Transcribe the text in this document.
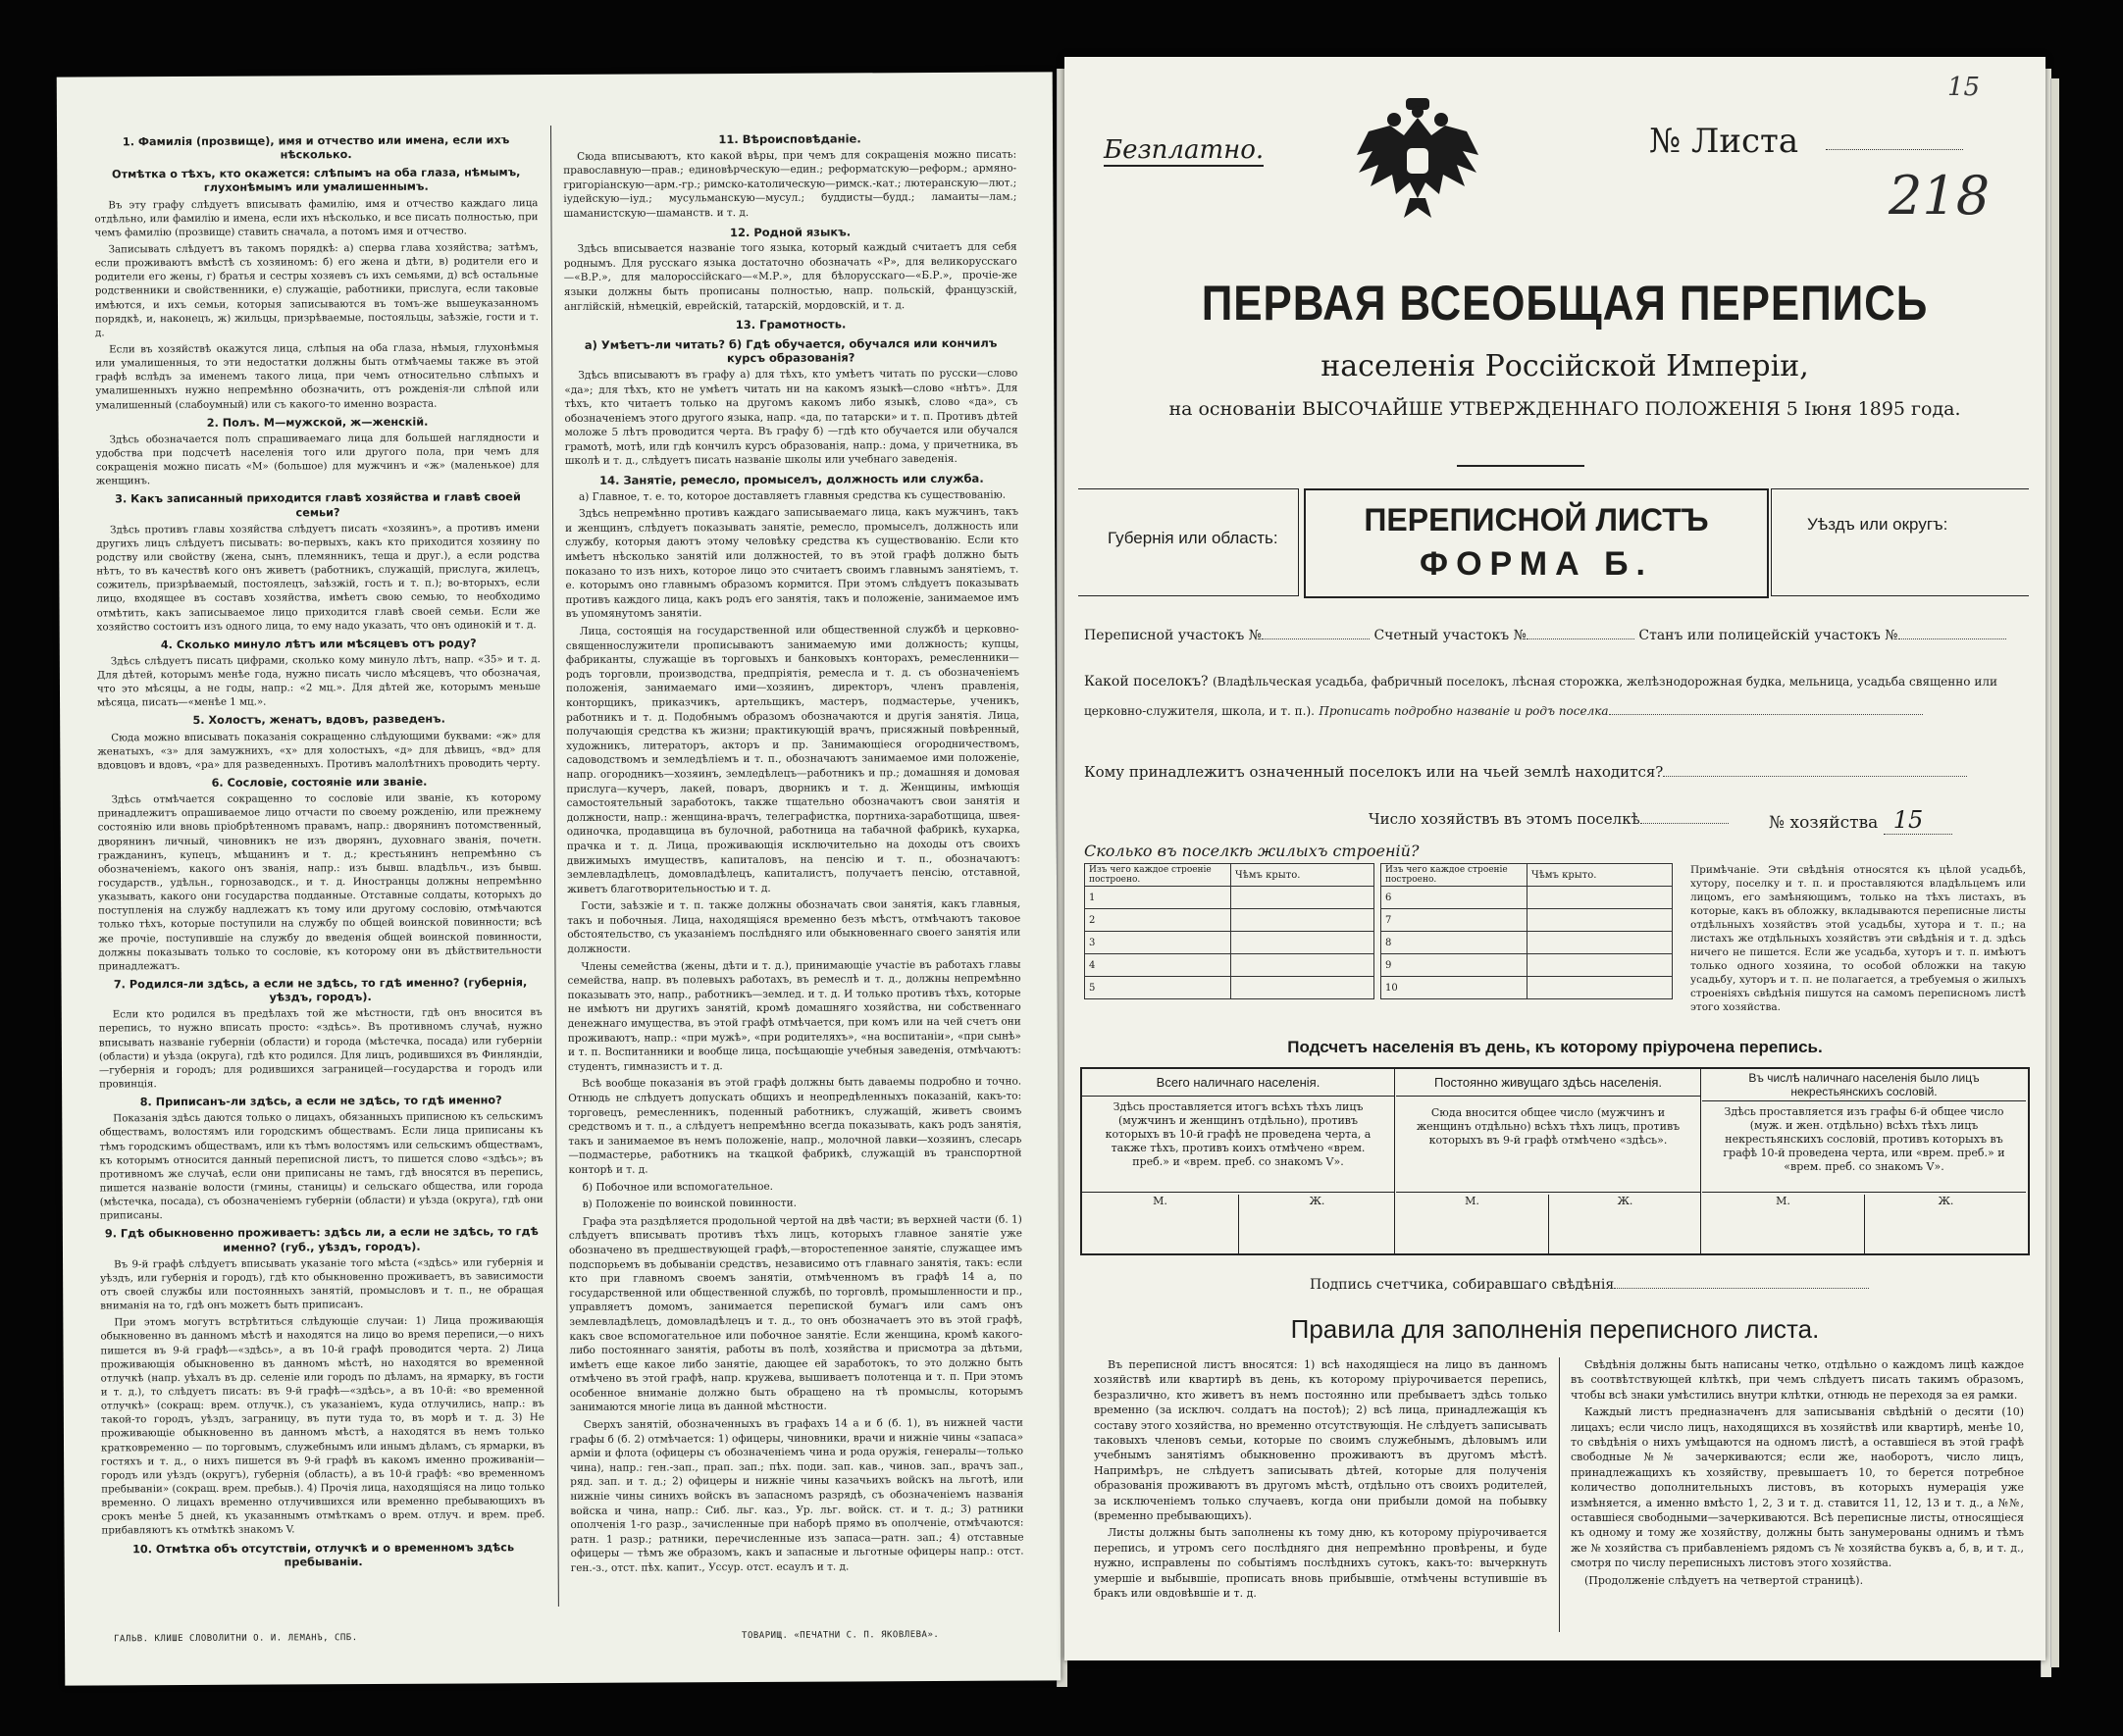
1. Фамилія (прозвище), имя и отчество или имена, если ихъ нѣсколько.
Отмѣтка о тѣхъ, кто окажется: слѣпымъ на оба глаза, нѣмымъ, глухонѣмымъ или умалишеннымъ.

Въ эту графу слѣдуетъ вписывать фамилію, имя и отчество каждаго лица отдѣльно, или фамилію и имена, если ихъ нѣсколько, и все писать полностью, при чемъ фамилію (прозвище) ставить сначала, а потомъ имя и отчество.

Записывать слѣдуетъ въ такомъ порядкѣ: а) сперва глава хозяйства; затѣмъ, если проживаютъ вмѣстѣ съ хозяиномъ: б) его жена и дѣти, в) родители его и родители его жены, г) братья и сестры хозяевъ съ ихъ семьями, д) всѣ остальные родственники и свойственники, е) служащіе, работники, прислуга, если таковые имѣются, и ихъ семьи, которыя записываются въ томъ-же вышеуказанномъ порядкѣ, и, наконецъ, ж) жильцы, призрѣваемые, постояльцы, заѣзжіе, гости и т. д.

Если въ хозяйствѣ окажутся лица, слѣпыя на оба глаза, нѣмыя, глухонѣмыя или умалишенныя, то эти недостатки должны быть отмѣчаемы также въ этой графѣ вслѣдъ за именемъ такого лица, при чемъ относительно слѣпыхъ и умалишенныхъ нужно непремѣнно обозначить, отъ рожденія-ли слѣпой или умалишенный (слабоумный) или съ какого-то именно возраста.

2. Полъ. М—мужской, ж—женскій.

Здѣсь обозначается полъ спрашиваемаго лица для большей наглядности и удобства при подсчетѣ населенія того или другого пола, при чемъ для сокращенія можно писать «М» (большое) для мужчинъ и «ж» (маленькое) для женщинъ.

3. Какъ записанный приходится главѣ хозяйства и главѣ своей семьи?

Здѣсь противъ главы хозяйства слѣдуетъ писать «хозяинъ», а противъ имени другихъ лицъ слѣдуетъ писывать: во-первыхъ, какъ кто приходится хозяину по родству или свойству (жена, сынъ, племянникъ, теща и друг.), а если родства нѣтъ, то въ качествѣ кого онъ живетъ (работникъ, служащій, прислуга, жилецъ, сожитель, призрѣваемый, постоялецъ, заѣзжій, гость и т. п.); во-вторыхъ, если лицо, входящее въ составъ хозяйства, имѣетъ свою семью, то необходимо отмѣтить, какъ записываемое лицо приходится главѣ своей семьи. Если же хозяйство состоитъ изъ одного лица, то ему надо указать, что онъ одинокій и т. д.

4. Сколько минуло лѣтъ или мѣсяцевъ отъ роду?

Здѣсь слѣдуетъ писать цифрами, сколько кому минуло лѣтъ, напр. «35» и т. д. Для дѣтей, которымъ менѣе года, нужно писать число мѣсяцевъ, что обозначая, что это мѣсяцы, а не годы, напр.: «2 мц.». Для дѣтей же, которымъ меньше мѣсяца, писать—«менѣе 1 мц.».

5. Холостъ, женатъ, вдовъ, разведенъ.

Сюда можно вписывать показанія сокращенно слѣдующими буквами: «ж» для женатыхъ, «з» для замужнихъ, «х» для холостыхъ, «д» для дѣвицъ, «вд» для вдовцовъ и вдовъ, «ра» для разведенныхъ. Противъ малолѣтнихъ проводить черту.

6. Сословіе, состояніе или званіе.

Здѣсь отмѣчается сокращенно то сословіе или званіе, къ которому принадлежитъ опрашиваемое лицо отчасти по своему рожденію, или прежнему состоянію или вновь пріобрѣтенномъ правамъ, напр.: дворянинъ потомственный, дворянинъ личный, чиновникъ не изъ дворянъ, духовнаго званія, почетн. гражданинъ, купецъ, мѣщанинъ и т. д.; крестьянинъ непремѣнно съ обозначеніемъ, какого онъ званія, напр.: изъ бывш. владѣльч., изъ бывш. государств., удѣльн., горнозаводск., и т. д. Иностранцы должны непремѣнно указывать, какого они государства подданные. Отставные солдаты, которыхъ до поступленія на службу надлежатъ къ тому или другому сословію, отмѣчаются только тѣхъ, которые поступили на службу по общей воинской повинности; всѣ же прочіе, поступившіе на службу до введенія общей воинской повинности, должны показывать только то сословіе, къ которому они въ дѣйствительности принадлежатъ.

7. Родился-ли здѣсь, а если не здѣсь, то гдѣ именно? (губернія, уѣздъ, городъ).

Если кто родился въ предѣлахъ той же мѣстности, гдѣ онъ вносится въ перепись, то нужно вписать просто: «здѣсь». Въ противномъ случаѣ, нужно вписывать названіе губерніи (области) и города (мѣстечка, посада) или губерніи (области) и уѣзда (округа), гдѣ кто родился. Для лицъ, родившихся въ Финляндіи,—губернія и городъ; для родившихся заграницей—государства и городъ или провинція.

8. Приписанъ-ли здѣсь, а если не здѣсь, то гдѣ именно?

Показанія здѣсь даются только о лицахъ, обязанныхъ приписною къ сельскимъ обществамъ, волостямъ или городскимъ обществамъ. Если лица приписаны къ тѣмъ городскимъ обществамъ, или къ тѣмъ волостямъ или сельскимъ обществамъ, къ которымъ относится данный переписной листъ, то пишется слово «здѣсь»; въ противномъ же случаѣ, если они приписаны не тамъ, гдѣ вносятся въ перепись, пишется названіе волости (гмины, станицы) и сельскаго общества, или города (мѣстечка, посада), съ обозначеніемъ губерніи (области) и уѣзда (округа), гдѣ они приписаны.

9. Гдѣ обыкновенно проживаетъ: здѣсь ли, а если не здѣсь, то гдѣ именно? (губ., уѣздъ, городъ).

Въ 9-й графѣ слѣдуетъ вписывать указаніе того мѣста («здѣсь» или губернія и уѣздъ, или губернія и городъ), гдѣ кто обыкновенно проживаетъ, въ зависимости отъ своей службы или постоянныхъ занятій, промысловъ и т. п., не обращая вниманія на то, гдѣ онъ можетъ быть приписанъ.

При этомъ могутъ встрѣтиться слѣдующіе случаи: 1) Лица проживающія обыкновенно въ данномъ мѣстѣ и находятся на лицо во время переписи,—о нихъ пишется въ 9-й графѣ—«здѣсь», а въ 10-й графѣ проводится черта. 2) Лица проживающія обыкновенно въ данномъ мѣстѣ, но находятся во временной отлучкѣ (напр. уѣхалъ въ др. селеніе или городъ по дѣламъ, на ярмарку, въ гости и т. д.), то слѣдуетъ писать: въ 9-й графѣ—«здѣсь», а въ 10-й: «во временной отлучкѣ» (сокращ: врем. отлучк.), съ указаніемъ, куда отлучились, напр.: въ такой-то городъ, уѣздъ, заграницу, въ пути туда то, въ морѣ и т. д. 3) Не проживающіе обыкновенно въ данномъ мѣстѣ, а находятся въ немъ только кратковременно — по торговымъ, служебнымъ или инымъ дѣламъ, съ ярмарки, въ гостяхъ и т. д., о нихъ пишется въ 9-й графѣ въ какомъ именно проживаніи—городъ или уѣздъ (округъ), губернія (область), а въ 10-й графѣ: «во временномъ пребываніи» (сокращ. врем. пребыв.). 4) Прочія лица, находящіяся на лицо только временно. О лицахъ временно отлучившихся или временно пребывающихъ въ срокъ менѣе 5 дней, къ указаннымъ отмѣткамъ о врем. отлуч. и врем. преб. прибавляютъ къ отмѣткѣ знакомъ V.

10. Отмѣтка объ отсутствіи, отлучкѣ и о временномъ здѣсь пребываніи.
11. Вѣроисповѣданіе.

Сюда вписываютъ, кто какой вѣры, при чемъ для сокращенія можно писать: православную—прав.; единовѣрческую—един.; реформатскую—реформ.; армяно-григоріанскую—арм.-гр.; римско-католическую—римск.-кат.; лютеранскую—лют.; іудейскую—іуд.; мусульманскую—мусул.; буддисты—будд.; ламаиты—лам.; шаманистскую—шаманств. и т. д.

12. Родной языкъ.

Здѣсь вписывается названіе того языка, который каждый считаетъ для себя роднымъ. Для русскаго языка достаточно обозначать «Р», для великорусскаго—«В.Р.», для малороссійскаго—«М.Р.», для бѣлорусскаго—«Б.Р.», прочіе-же языки должны быть прописаны полностью, напр. польскій, французскій, англійскій, нѣмецкій, еврейскій, татарскій, мордовскій, и т. д.

13. Грамотность.
а) Умѣетъ-ли читать? б) Гдѣ обучается, обучался или кончилъ курсъ образованія?

Здѣсь вписываютъ въ графу а) для тѣхъ, кто умѣетъ читать по русски—слово «да»; для тѣхъ, кто не умѣетъ читать ни на какомъ языкѣ—слово «нѣтъ». Для тѣхъ, кто читаетъ только на другомъ какомъ либо языкѣ, слово «да», съ обозначеніемъ этого другого языка, напр. «да, по татарски» и т. п. Противъ дѣтей моложе 5 лѣтъ проводится черта. Въ графу б) —гдѣ кто обучается или обучался грамотѣ, мотѣ, или гдѣ кончилъ курсъ образованія, напр.: дома, у причетника, въ школѣ и т. д., слѣдуетъ писать названіе школы или учебнаго заведенія.

14. Занятіе, ремесло, промыселъ, должность или служба.

а) Главное, т. е. то, которое доставляетъ главныя средства къ существованію.

Здѣсь непремѣнно противъ каждаго записываемаго лица, какъ мужчинъ, такъ и женщинъ, слѣдуетъ показывать занятіе, ремесло, промыселъ, должность или службу, которыя даютъ этому человѣку средства къ существованію. Если кто имѣетъ нѣсколько занятій или должностей, то въ этой графѣ должно быть показано то изъ нихъ, которое лицо это считаетъ своимъ главнымъ занятіемъ, т. е. которымъ оно главнымъ образомъ кормится. При этомъ слѣдуетъ показывать противъ каждого лица, какъ родъ его занятія, такъ и положеніе, занимаемое имъ въ упомянутомъ занятіи.

Лица, состоящія на государственной или общественной службѣ и церковно-священнослужители прописываютъ занимаемую ими должность; купцы, фабриканты, служащіе въ торговыхъ и банковыхъ конторахъ, ремесленники—родъ торговли, производства, предпріятія, ремесла и т. д. съ обозначеніемъ положенія, занимаемаго ими—хозяинъ, директоръ, членъ правленія, конторщикъ, приказчикъ, артельщикъ, мастеръ, подмастерье, ученикъ, работникъ и т. д. Подобнымъ образомъ обозначаются и другія занятія. Лица, получающія средства къ жизни; практикующій врачъ, присяжный повѣренный, художникъ, литераторъ, акторъ и пр. Занимающіеся огородничествомъ, садоводствомъ и земледѣліемъ и т. п., обозначаютъ занимаемое ими положеніе, напр. огородникъ—хозяинъ, земледѣлецъ—работникъ и пр.; домашняя и домовая прислуга—кучеръ, лакей, поваръ, дворникъ и т. д. Женщины, имѣющія самостоятельный заработокъ, также тщательно обозначаютъ свои занятія и должности, напр.: женщина-врачъ, телеграфистка, портниха-заработщица, швея-одиночка, продавщица въ булочной, работница на табачной фабрикѣ, кухарка, прачка и т. д. Лица, проживающія исключительно на доходы отъ своихъ движимыхъ имуществъ, капиталовъ, на пенсію и т. п., обозначаютъ: землевладѣлецъ, домовладѣлецъ, капиталистъ, получаетъ пенсію, отставной, живетъ благотворительностью и т. д.

Гости, заѣзжіе и т. п. также должны обозначать свои занятія, какъ главныя, такъ и побочныя. Лица, находящіяся временно безъ мѣстъ, отмѣчаютъ таковое обстоятельство, съ указаніемъ послѣдняго или обыкновеннаго своего занятія или должности.

Члены семейства (жены, дѣти и т. д.), принимающіе участіе въ работахъ главы семейства, напр. въ полевыхъ работахъ, въ ремеслѣ и т. д., должны непремѣнно показывать это, напр., работникъ—землед. и т. д. И только противъ тѣхъ, которые не имѣютъ ни другихъ занятій, кромѣ домашняго хозяйства, ни собственнаго денежнаго имущества, въ этой графѣ отмѣчается, при комъ или на чей счетъ они проживаютъ, напр.: «при мужѣ», «при родителяхъ», «на воспитаніи», «при сынѣ» и т. п. Воспитанники и вообще лица, посѣщающіе учебныя заведенія, отмѣчаютъ: студентъ, гимназистъ и т. д.

Всѣ вообще показанія въ этой графѣ должны быть даваемы подробно и точно. Отнюдь не слѣдуетъ допускать общихъ и неопредѣленныхъ показаній, какъ-то: торговецъ, ремесленникъ, поденный работникъ, служащій, живетъ своимъ средствомъ и т. п., а слѣдуетъ непремѣнно всегда показывать, какъ родъ занятія, такъ и занимаемое въ немъ положеніе, напр., молочной лавки—хозяинъ, слесарь—подмастерье, работникъ на ткацкой фабрикѣ, служащій въ транспортной конторѣ и т. д.

б) Побочное или вспомогательное.

в) Положеніе по воинской повинности.

Графа эта раздѣляется продольной чертой на двѣ части; въ верхней части (б. 1) слѣдуетъ вписывать противъ тѣхъ лицъ, которыхъ главное занятіе уже обозначено въ предшествующей графѣ,—второстепенное занятіе, служащее имъ подспорьемъ въ добываніи средствъ, независимо отъ главнаго занятія, такъ: если кто при главномъ своемъ занятіи, отмѣченномъ въ графѣ 14 а, по государственной или общественной службѣ, по торговлѣ, промышленности и пр., управляетъ домомъ, занимается перепиской бумагъ или самъ онъ землевладѣлецъ, домовладѣлецъ и т. д., то онъ обозначаетъ это въ этой графѣ, какъ свое вспомогательное или побочное занятіе. Если женщина, кромѣ какого-либо постояннаго занятія, работы въ полѣ, хозяйства и присмотра за дѣтьми, имѣетъ еще какое либо занятіе, дающее ей заработокъ, то это должно быть отмѣчено въ этой графѣ, напр. кружева, вышиваетъ полотенца и т. п. При этомъ особенное вниманіе должно быть обращено на тѣ промыслы, которымъ занимаются многіе лица въ данной мѣстности.

Сверхъ занятій, обозначенныхъ въ графахъ 14 а и б (б. 1), въ нижней части графы б (б. 2) отмѣчается: 1) офицеры, чиновники, врачи и нижніе чины «запаса» армiи и флота (офицеры съ обозначеніемъ чина и рода оружія, генералы—только чина), напр.: ген.-зап., прап. зап.; пѣх. поди. зап. кав., чинов. зап., врачъ зап., ряд. зап. и т. д.; 2) офицеры и нижніе чины казачьихъ войскъ на льготѣ, или нижніе чины синихъ войскъ въ запасномъ разрядѣ, съ обозначеніемъ названія войска и чина, напр.: Сиб. льг. каз., Ур. льг. войск. ст. и т. д.; 3) ратники ополченія 1-го разр., зачисленные при наборѣ прямо въ ополченіе, отмѣчаются: ратн. 1 разр.; ратники, перечисленные изъ запаса—ратн. зап.; 4) отставные офицеры — тѣмъ же образомъ, какъ и запасные и льготные офицеры напр.: отст. ген.-з., отст. пѣх. капит., Уссур. отст. есаулъ и т. д.

ГАЛЬВ. КЛИШЕ СЛОВОЛИТНИ О. И. ЛЕМАНЪ, СПБ.	ТОВАРИЩ. «ПЕЧАТНИ С. П. ЯКОВЛЕВА».
Безплатно.	№ Листа
15
218
ПЕРВАЯ ВСЕОБЩАЯ ПЕРЕПИСЬ
населенія Россійской Имперіи,
на основаніи ВЫСОЧАЙШЕ УТВЕРЖДЕННАГО ПОЛОЖЕНІЯ 5 Іюня 1895 года.
Губернія или область:
ПЕРЕПИСНОЙ ЛИСТЪ
ФОРМА Б.
Уѣздъ или округъ:
Переписной участокъ №	Счетный участокъ №	Станъ или полицейскій участокъ №
Какой поселокъ? (Владѣльческая усадьба, фабричный поселокъ, лѣсная сторожка, желѣзнодорожная будка, мельница, усадьба священно или церковно-служителя, школа, и т. п.). Прописать подробно названіе и родъ поселка
Кому принадлежитъ означенный поселокъ или на чьей землѣ находится?
Число хозяйствъ въ этомъ поселкѣ	№ хозяйства 15
Сколько въ поселкѣ жилыхъ строеній?
Изъ чего каждое строеніе построено.	Чѣмъ крыто.
1	
2	
3	
4	
5	
Изъ чего каждое строеніе построено.	Чѣмъ крыто.
6	
7	
8	
9	
10	
Примѣчаніе. Эти свѣдѣнія относятся къ цѣлой усадьбѣ, хутору, поселку и т. п. и проставляются владѣльцемъ или лицомъ, его замѣняющимъ, только на тѣхъ листахъ, въ которые, какъ въ обложку, вкладываются переписные листы отдѣльныхъ хозяйствъ этой усадьбы, хутора и т. п.; на листахъ же отдѣльныхъ хозяйствъ эти свѣдѣнія и т. д. здѣсь ничего не пишется. Если же усадьба, хуторъ и т. п. имѣютъ только одного хозяина, то особой обложки на такую усадьбу, хуторъ и т. п. не полагается, а требуемыя о жилыхъ строеніяхъ свѣдѣнія пишутся на самомъ переписномъ листѣ этого хозяйства.
Подсчетъ населенія въ день, къ которому пріурочена перепись.
Всего наличнаго населенія.
Здѣсь проставляется итогъ всѣхъ тѣхъ лицъ (мужчинъ и женщинъ отдѣльно), противъ которыхъ въ 10-й графѣ не проведена черта, а также тѣхъ, противъ коихъ отмѣчено «врем. преб.» и «врем. преб. со знакомъ V».
М.	Ж.
Постоянно живущаго здѣсь населенія.
Сюда вносится общее число (мужчинъ и женщинъ отдѣльно) всѣхъ тѣхъ лицъ, противъ которыхъ въ 9-й графѣ отмѣчено «здѣсь».
М.	Ж.
Въ числѣ наличнаго населенія было лицъ некрестьянскихъ сословій.
Здѣсь проставляется изъ графы 6-й общее число (муж. и жен. отдѣльно) всѣхъ тѣхъ лицъ некрестьянскихъ сословій, противъ которыхъ въ графѣ 10-й проведена черта, или «врем. преб.» и «врем. преб. со знакомъ V».
М.	Ж.
Подпись счетчика, собиравшаго свѣдѣнія
Правила для заполненія переписного листа.

Въ переписной листъ вносятся: 1) всѣ находящіеся на лицо въ данномъ хозяйствѣ или квартирѣ въ день, къ которому пріурочивается перепись, безразлично, кто живетъ въ немъ постоянно или пребываетъ здѣсь только временно (за исключ. солдатъ на постоѣ); 2) всѣ лица, принадлежащія къ составу этого хозяйства, но временно отсутствующія. Не слѣдуетъ записывать таковыхъ членовъ семьи, которые по своимъ служебнымъ, дѣловымъ или учебнымъ занятіямъ обыкновенно проживаютъ въ другомъ мѣстѣ. Напримѣръ, не слѣдуетъ записывать дѣтей, которые для полученія образованія проживаютъ въ другомъ мѣстѣ, отдѣльно отъ своихъ родителей, за исключеніемъ только случаевъ, когда они прибыли домой на побывку (временно пребывающихъ).

Листы должны быть заполнены къ тому дню, къ которому пріурочивается перепись, и утромъ сего послѣдняго дня непремѣнно провѣрены, и буде нужно, исправлены по событіямъ послѣднихъ сутокъ, какъ-то: вычеркнуть умершіе и выбывшіе, прописать вновь прибывшіе, отмѣчены вступившіе въ бракъ или овдовѣвшіе и т. д.

Свѣдѣнія должны быть написаны четко, отдѣльно о каждомъ лицѣ каждое въ соотвѣтствующей клѣткѣ, при чемъ слѣдуетъ писать такимъ образомъ, чтобы всѣ знаки умѣстились внутри клѣтки, отнюдь не переходя за ея рамки.

Каждый листъ предназначенъ для записыванія свѣдѣній о десяти (10) лицахъ; если число лицъ, находящихся въ хозяйствѣ или квартирѣ, менѣе 10, то свѣдѣнія о нихъ умѣщаются на одномъ листѣ, а оставшіеся въ этой графѣ свободные №№ зачеркиваются; если же, наоборотъ, число лицъ, принадлежащихъ къ хозяйству, превышаетъ 10, то берется потребное количество дополнительныхъ листовъ, въ которыхъ нумерація уже измѣняется, а именно вмѣсто 1, 2, 3 и т. д. ставится 11, 12, 13 и т. д., а №№, оставшіеся свободными—зачеркиваются. Всѣ переписные листы, относящіеся къ одному и тому же хозяйству, должны быть занумерованы однимъ и тѣмъ же № хозяйства съ прибавленіемъ рядомъ съ № хозяйства буквъ а, б, в, и т. д., смотря по числу переписныхъ листовъ этого хозяйства.

(Продолженіе слѣдуетъ на четвертой страницѣ).
